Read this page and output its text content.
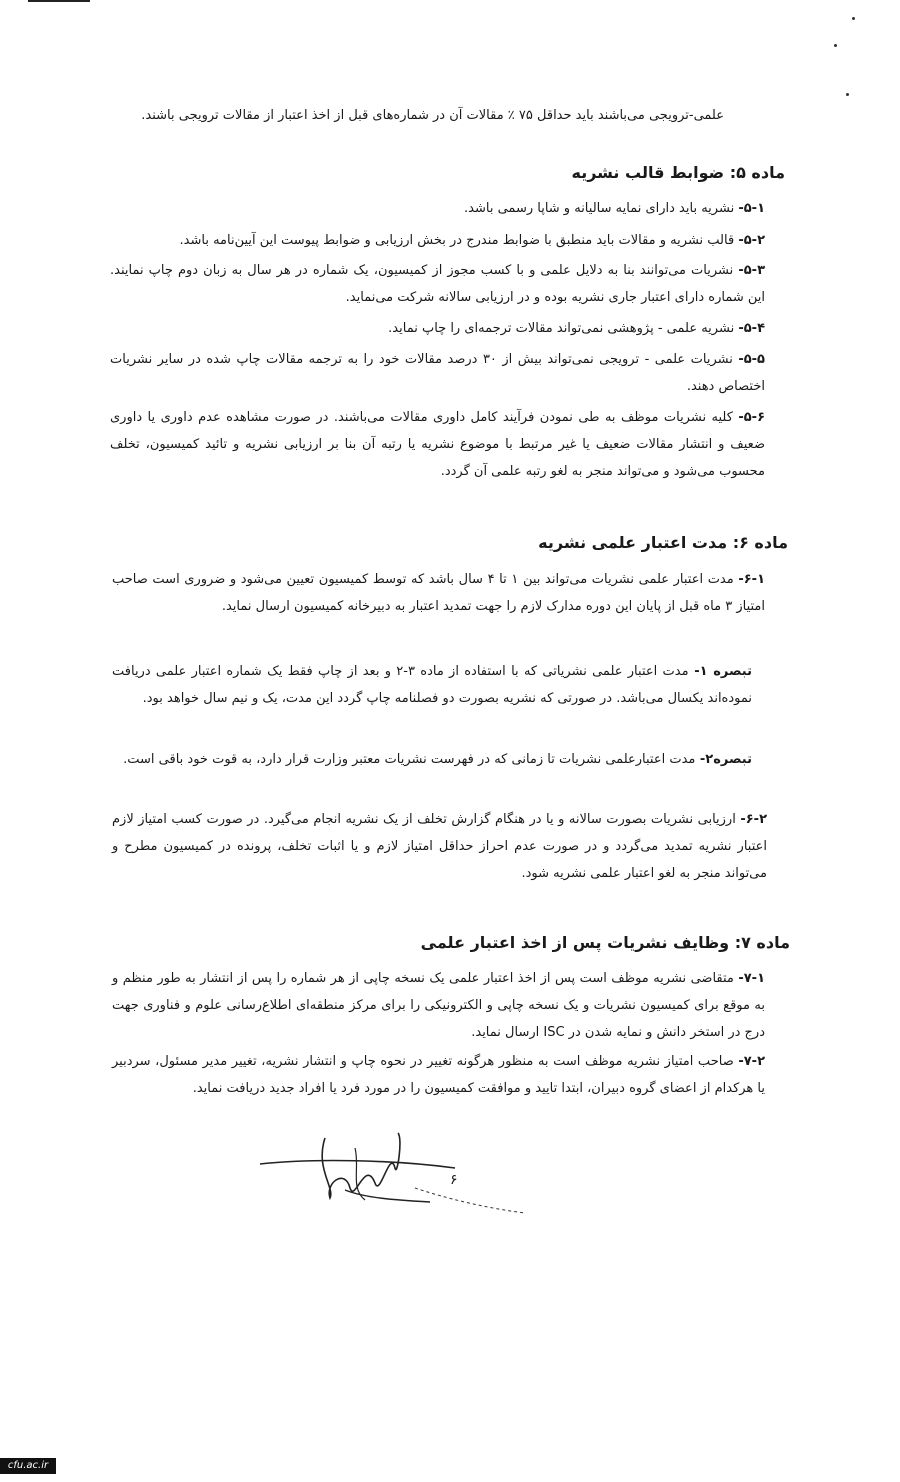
علمی-ترویجی می‌باشند باید حداقل ۷۵ ٪ مقالات آن در شماره‌های قبل از اخذ اعتبار از مقالات ترویجی باشند.

ماده ۵: ضوابط قالب نشریه

۵-۱- نشریه باید دارای نمایه سالیانه و شاپا رسمی باشد.

۵-۲- قالب نشریه و مقالات باید منطبق با ضوابط مندرج در بخش ارزیابی و ضوابط پیوست این آیین‌نامه باشد.

۵-۳- نشریات می‌توانند بنا به دلایل علمی و با کسب مجوز از کمیسیون، یک شماره در هر سال به زبان دوم چاپ نمایند. این شماره دارای اعتبار جاری نشریه بوده و در ارزیابی سالانه شرکت می‌نماید.

۵-۴- نشریه علمی - پژوهشی نمی‌تواند مقالات ترجمه‌ای را چاپ نماید.

۵-۵- نشریات علمی - ترویجی نمی‌تواند بیش از ۳۰ درصد مقالات خود را به ترجمه مقالات چاپ شده در سایر نشریات اختصاص دهند.

۵-۶- کلیه نشریات موظف به طی نمودن فرآیند کامل داوری مقالات می‌باشند. در صورت مشاهده عدم داوری یا داوری ضعیف و انتشار مقالات ضعیف یا غیر مرتبط با موضوع نشریه یا رتبه آن بنا بر ارزیابی نشریه و تائید کمیسیون، تخلف محسوب می‌شود و می‌تواند منجر به لغو رتبه علمی آن گردد.

ماده ۶: مدت اعتبار علمی نشریه

۶-۱- مدت اعتبار علمی نشریات می‌تواند بین ۱ تا ۴ سال باشد که توسط کمیسیون تعیین می‌شود و ضروری است صاحب امتیاز ۳ ماه قبل از پایان این دوره مدارک لازم را جهت تمدید اعتبار به دبیرخانه کمیسیون ارسال نماید.

تبصره ۱- مدت اعتبار علمی نشریاتی که با استفاده از ماده ۳-۲ و بعد از چاپ فقط یک شماره اعتبار علمی دریافت نموده‌اند یکسال می‌باشد. در صورتی که نشریه بصورت دو فصلنامه چاپ گردد این مدت، یک و نیم سال خواهد بود.

تبصره۲- مدت اعتبارعلمی نشریات تا زمانی که در فهرست نشریات معتبر وزارت قرار دارد، به قوت خود باقی است.

۶-۲- ارزیابی نشریات بصورت سالانه و یا در هنگام گزارش تخلف از یک نشریه انجام می‌گیرد. در صورت کسب امتیاز لازم اعتبار نشریه تمدید می‌گردد و در صورت عدم احراز حداقل امتیاز لازم و یا اثبات تخلف، پرونده در کمیسیون مطرح و می‌تواند منجر به لغو اعتبار علمی نشریه شود.

ماده ۷: وظایف نشریات پس از اخذ اعتبار علمی

۷-۱- متقاضی نشریه موظف است پس از اخذ اعتبار علمی یک نسخه چاپی از هر شماره را پس از انتشار به طور منظم و به موقع برای کمیسیون نشریات و یک نسخه چاپی و الکترونیکی را برای مرکز منطقه‌ای اطلاع‌رسانی علوم و فناوری جهت درج در استخر دانش و نمایه شدن در ISC ارسال نماید.

۷-۲- صاحب امتیاز نشریه موظف است به منظور هرگونه تغییر در نحوه چاپ و انتشار نشریه، تغییر مدیر مسئول، سردبیر یا هرکدام از اعضای گروه دبیران، ابتدا تایید و موافقت کمیسیون را در مورد فرد یا افراد جدید دریافت نماید.

۶
cfu.ac.ir
